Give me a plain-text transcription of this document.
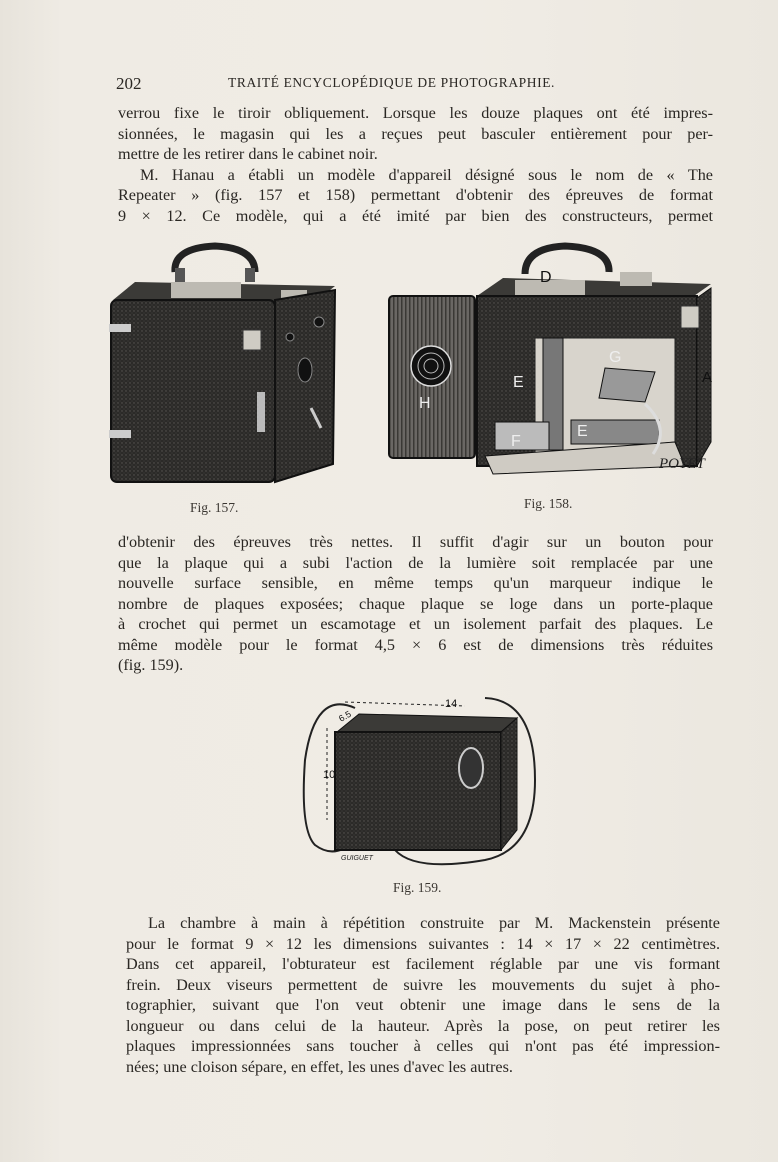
202	TRAITÉ ENCYCLOPÉDIQUE DE PHOTOGRAPHIE.
verrou fixe le tiroir obliquement. Lorsque les douze plaques ont été impres-
sionnées, le magasin qui les a reçues peut basculer entièrement pour per-
mettre de les retirer dans le cabinet noir.
M. Hanau a établi un modèle d'appareil désigné sous le nom de « The
Repeater » (fig. 157 et 158) permettant d'obtenir des épreuves de format
9 × 12. Ce modèle, qui a été imité par bien des constructeurs, permet
Fig. 157.
D
E
G
H
F
E
A
POYET
Fig. 158.
d'obtenir des épreuves très nettes. Il suffit d'agir sur un bouton pour
que la plaque qui a subi l'action de la lumière soit remplacée par une
nouvelle surface sensible, en même temps qu'un marqueur indique le
nombre de plaques exposées; chaque plaque se loge dans un porte-plaque
à crochet qui permet un escamotage et un isolement parfait des plaques. Le
même modèle pour le format 4,5 × 6 est de dimensions très réduites
(fig. 159).
14
10
6.5
GUIGUET
Fig. 159.
La chambre à main à répétition construite par M. Mackenstein présente
pour le format 9 × 12 les dimensions suivantes : 14 × 17 × 22 centimètres.
Dans cet appareil, l'obturateur est facilement réglable par une vis formant
frein. Deux viseurs permettent de suivre les mouvements du sujet à pho-
tographier, suivant que l'on veut obtenir une image dans le sens de la
longueur ou dans celui de la hauteur. Après la pose, on peut retirer les
plaques impressionnées sans toucher à celles qui n'ont pas été impression-
nées; une cloison sépare, en effet, les unes d'avec les autres.
